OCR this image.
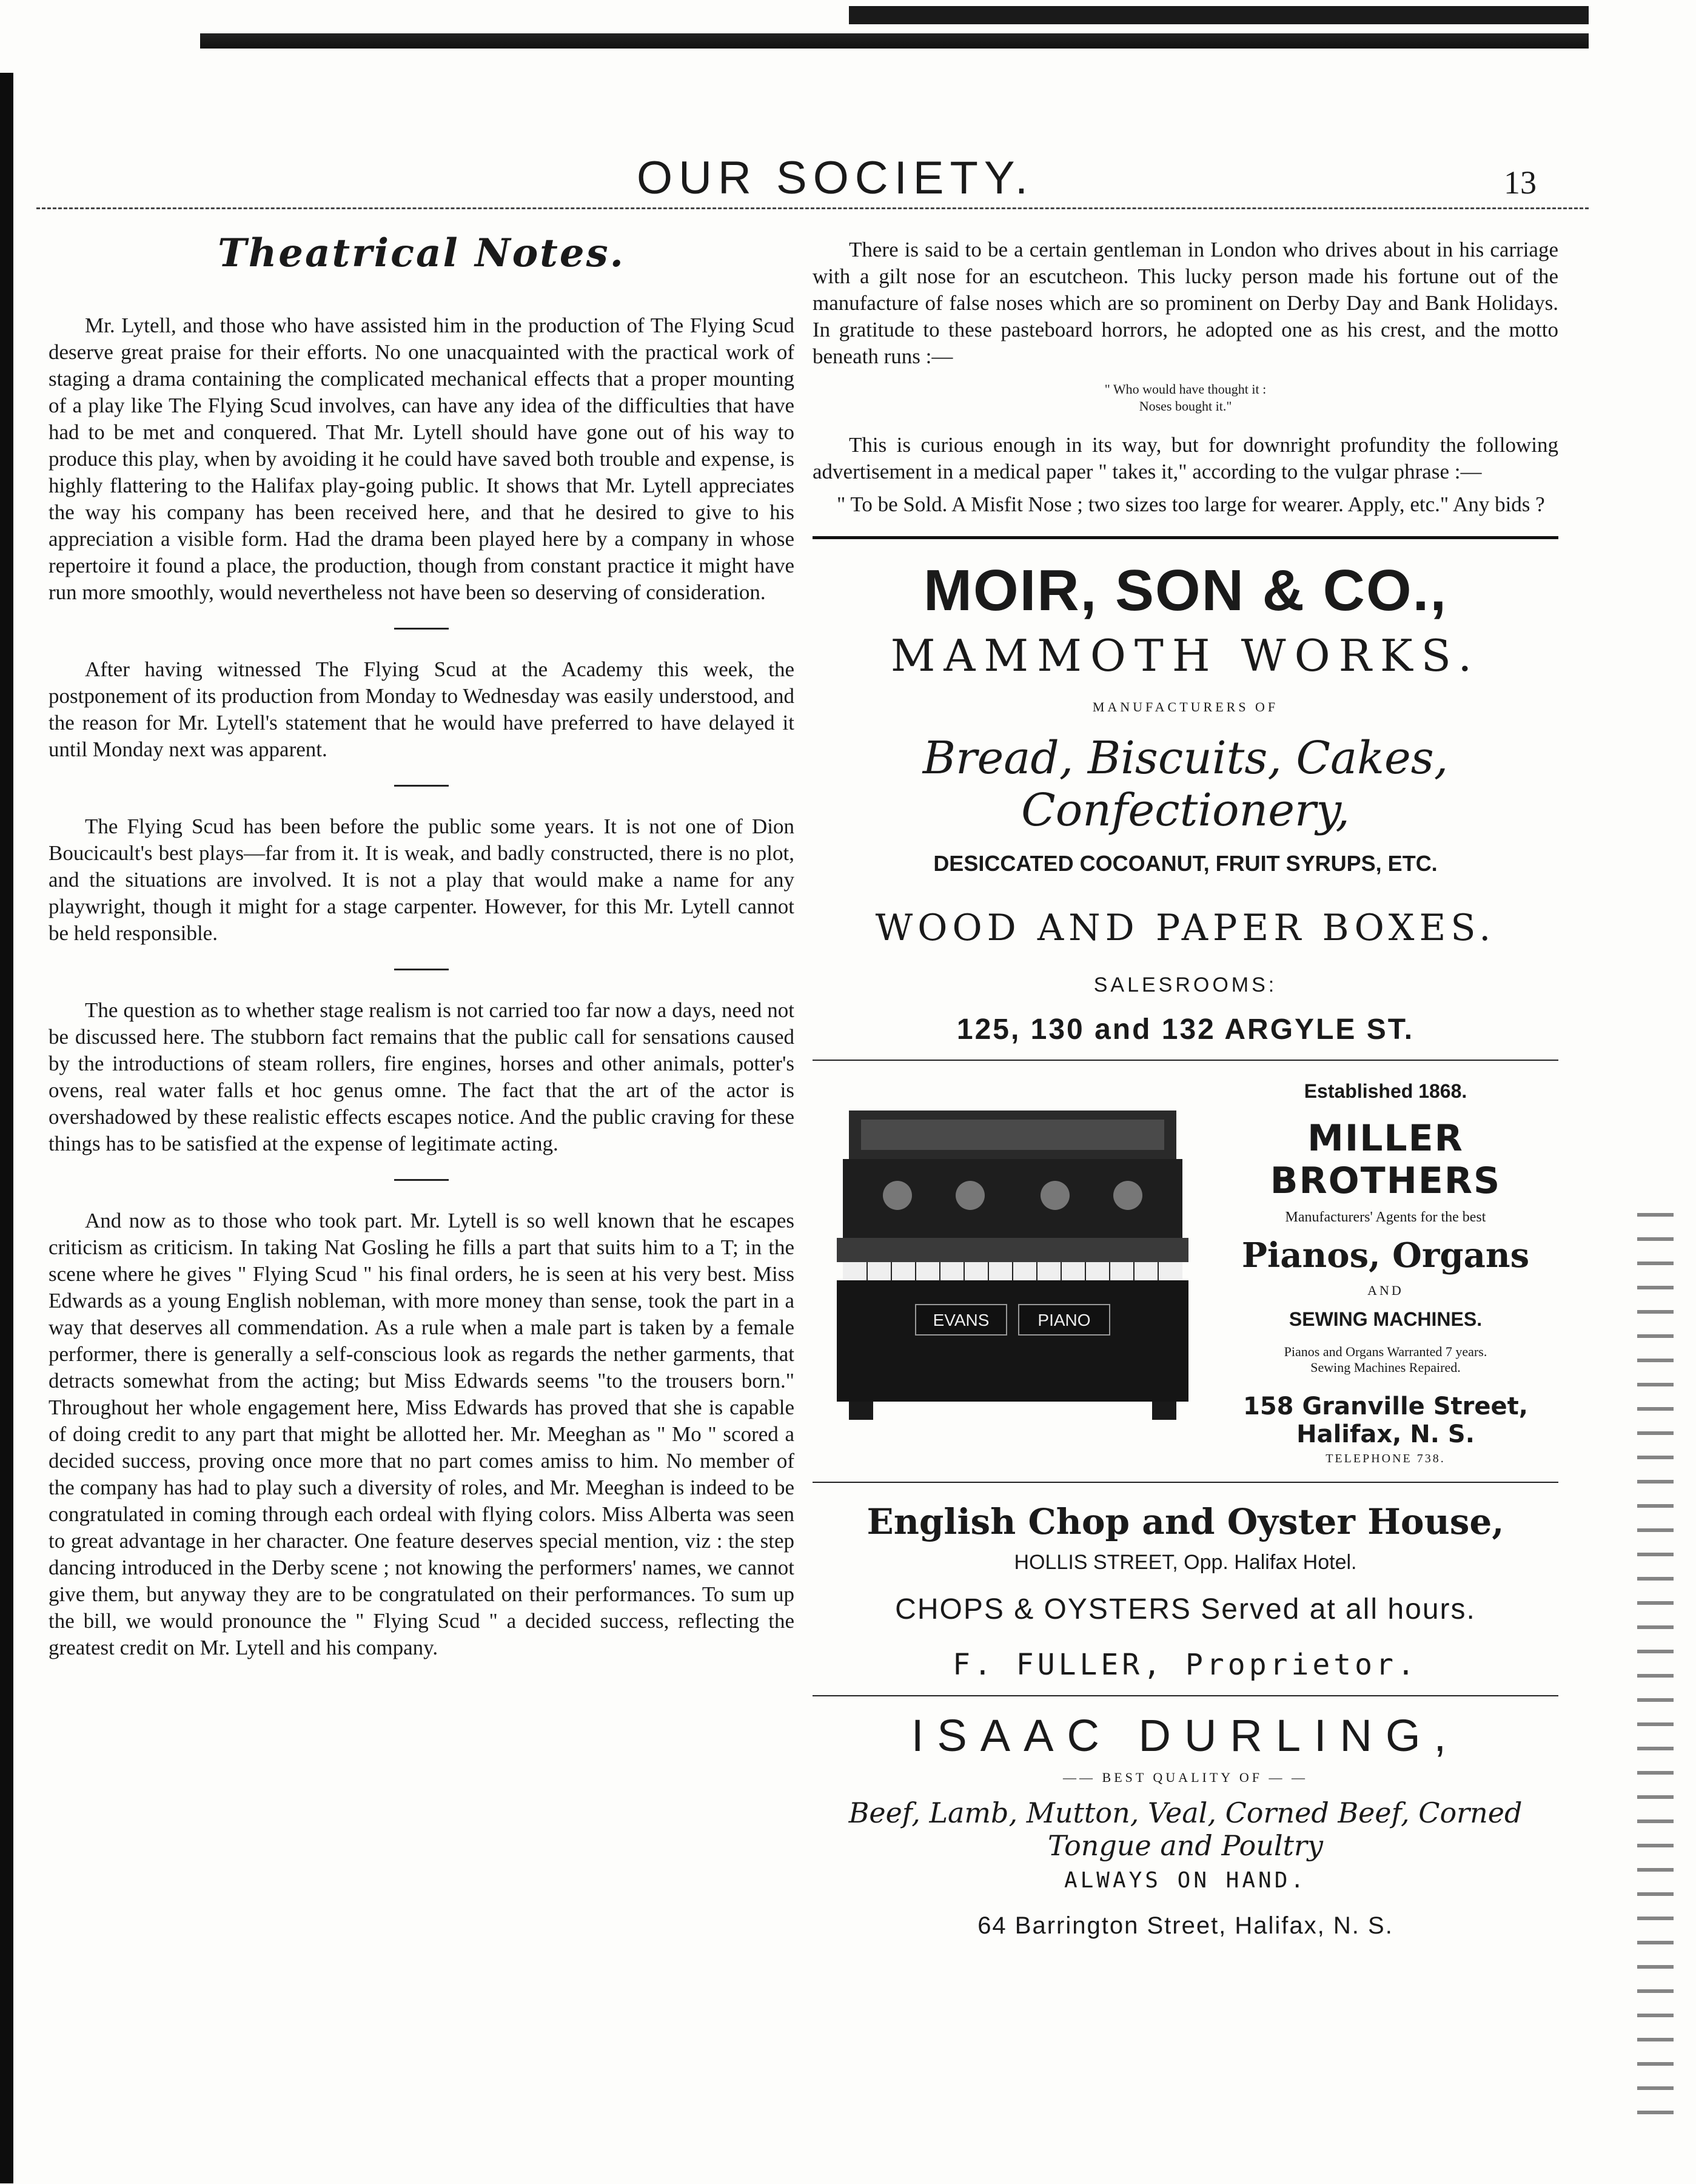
OUR SOCIETY.	13
Theatrical Notes.

Mr. Lytell, and those who have assisted him in the production of The Flying Scud deserve great praise for their efforts. No one unacquainted with the practical work of staging a drama containing the complicated mechanical effects that a proper mounting of a play like The Flying Scud involves, can have any idea of the difficulties that have had to be met and conquered. That Mr. Lytell should have gone out of his way to produce this play, when by avoiding it he could have saved both trouble and expense, is highly flattering to the Halifax play-going public. It shows that Mr. Lytell appreciates the way his company has been received here, and that he desired to give to his appreciation a visible form. Had the drama been played here by a company in whose repertoire it found a place, the production, though from constant practice it might have run more smoothly, would nevertheless not have been so deserving of consideration.

After having witnessed The Flying Scud at the Academy this week, the postponement of its production from Monday to Wednesday was easily understood, and the reason for Mr. Lytell's statement that he would have preferred to have delayed it until Monday next was apparent.

The Flying Scud has been before the public some years. It is not one of Dion Boucicault's best plays—far from it. It is weak, and badly constructed, there is no plot, and the situations are involved. It is not a play that would make a name for any playwright, though it might for a stage carpenter. However, for this Mr. Lytell cannot be held responsible.

The question as to whether stage realism is not carried too far now a days, need not be discussed here. The stubborn fact remains that the public call for sensations caused by the introductions of steam rollers, fire engines, horses and other animals, potter's ovens, real water falls et hoc genus omne. The fact that the art of the actor is overshadowed by these realistic effects escapes notice. And the public craving for these things has to be satisfied at the expense of legitimate acting.

And now as to those who took part. Mr. Lytell is so well known that he escapes criticism as criticism. In taking Nat Gosling he fills a part that suits him to a T; in the scene where he gives " Flying Scud " his final orders, he is seen at his very best. Miss Edwards as a young English nobleman, with more money than sense, took the part in a way that deserves all commendation. As a rule when a male part is taken by a female performer, there is generally a self-conscious look as regards the nether garments, that detracts somewhat from the acting; but Miss Edwards seems "to the trousers born." Throughout her whole engagement here, Miss Edwards has proved that she is capable of doing credit to any part that might be allotted her. Mr. Meeghan as " Mo " scored a decided success, proving once more that no part comes amiss to him. No member of the company has had to play such a diversity of roles, and Mr. Meeghan is indeed to be congratulated in coming through each ordeal with flying colors. Miss Alberta was seen to great advantage in her character. One feature deserves special mention, viz : the step dancing introduced in the Derby scene ; not knowing the performers' names, we cannot give them, but anyway they are to be congratulated on their performances. To sum up the bill, we would pronounce the " Flying Scud " a decided success, reflecting the greatest credit on Mr. Lytell and his company.

There is said to be a certain gentleman in London who drives about in his carriage with a gilt nose for an escutcheon. This lucky person made his fortune out of the manufacture of false noses which are so prominent on Derby Day and Bank Holidays. In gratitude to these pasteboard horrors, he adopted one as his crest, and the motto beneath runs :—

" Who would have thought it :
Noses bought it."

This is curious enough in its way, but for downright profundity the following advertisement in a medical paper " takes it," according to the vulgar phrase :—

" To be Sold. A Misfit Nose ; two sizes too large for wearer. Apply, etc." Any bids ?

MOIR, SON & CO.,
MAMMOTH WORKS.
MANUFACTURERS OF
Bread, Biscuits, Cakes, Confectionery,
DESICCATED COCOANUT, FRUIT SYRUPS, ETC.
WOOD AND PAPER BOXES.
SALESROOMS:
125, 130 and 132 ARGYLE ST.
EVANS	PIANO
Established 1868.
MILLER BROTHERS
Manufacturers' Agents for the best
Pianos, Organs
AND
SEWING MACHINES.
Pianos and Organs Warranted 7 years.
Sewing Machines Repaired.
158 Granville Street, Halifax, N. S.
TELEPHONE 738.
English Chop and Oyster House,
HOLLIS STREET, Opp. Halifax Hotel.
CHOPS & OYSTERS Served at all hours.
F. FULLER, Proprietor.
ISAAC DURLING,
—— BEST QUALITY OF — —
Beef, Lamb, Mutton, Veal, Corned Beef, Corned Tongue and Poultry
ALWAYS ON HAND.
64 Barrington Street, Halifax, N. S.
